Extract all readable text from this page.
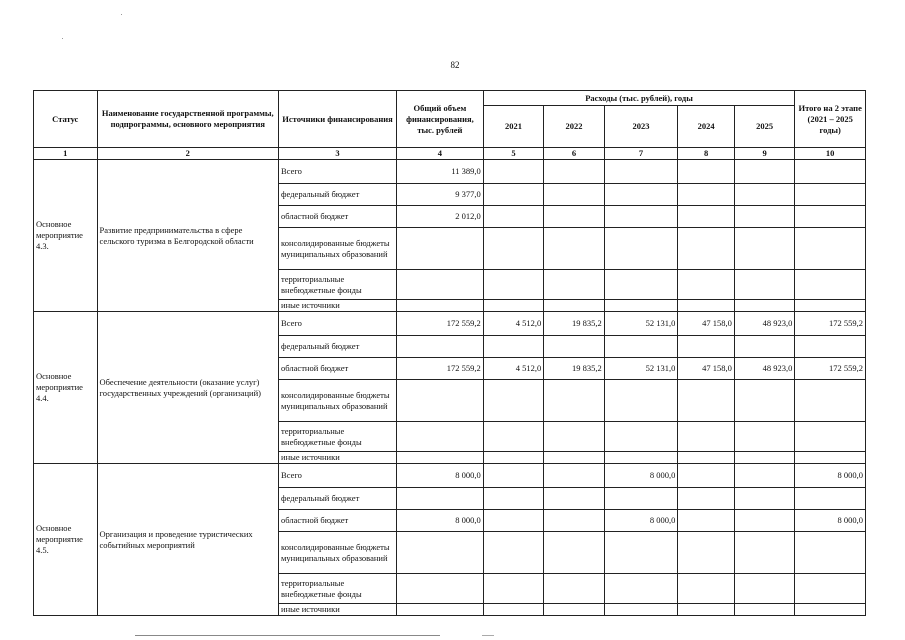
82
Статус	Наименование государственной программы, подпрограммы, основного мероприятия	Источники финансирования	Общий объем финансирования, тыс. рублей	Расходы (тыс. рублей), годы					Итого на 2 этапе (2021 – 2025 годы)
				2021	2022	2023	2024	2025	
1	2	3	4	5	6	7	8	9	10
Основное мероприятие 4.3.	Развитие предпринимательства в сфере сельского туризма в Белгородской области	Всего	11 389,0						
		федеральный бюджет	9 377,0						
		областной бюджет	2 012,0						
		консолидированные бюджеты муниципальных образований							
		территориальные внебюджетные фонды							
		иные источники							
Основное мероприятие 4.4.	Обеспечение деятельности (оказание услуг) государственных учреждений (организаций)	Всего	172 559,2	4 512,0	19 835,2	52 131,0	47 158,0	48 923,0	172 559,2
		федеральный бюджет							
		областной бюджет	172 559,2	4 512,0	19 835,2	52 131,0	47 158,0	48 923,0	172 559,2
		консолидированные бюджеты муниципальных образований							
		территориальные внебюджетные фонды							
		иные источники							
Основное мероприятие 4.5.	Организация и проведение туристических событийных мероприятий	Всего	8 000,0			8 000,0			8 000,0
		федеральный бюджет							
		областной бюджет	8 000,0			8 000,0			8 000,0
		консолидированные бюджеты муниципальных образований							
		территориальные внебюджетные фонды							
		иные источники							
